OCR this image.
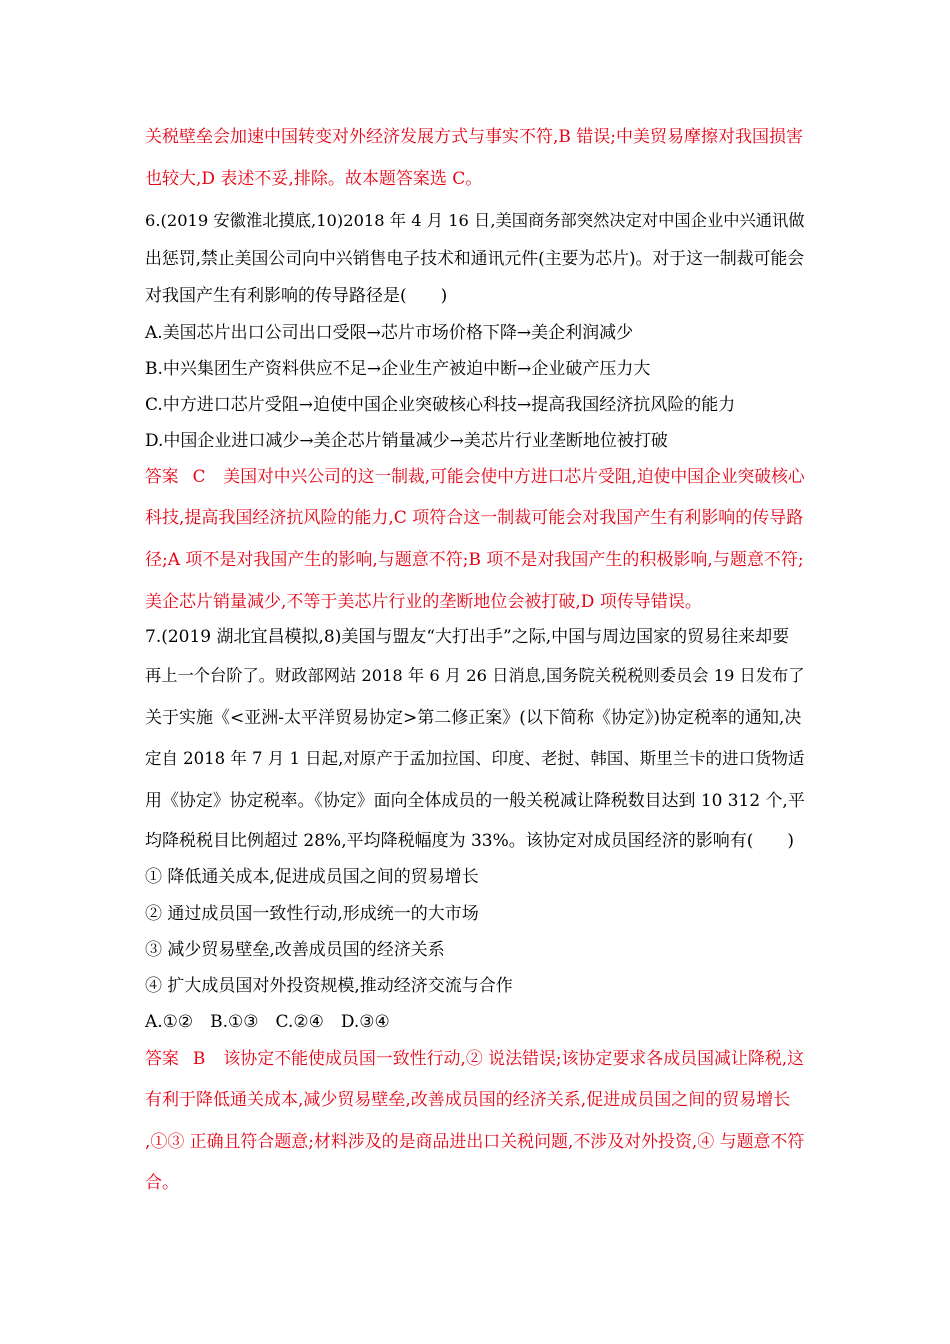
关税壁垒会加速中国转变对外经济发展方式与事实不符,B 错误;中美贸易摩擦对我国损害
也较大,D 表述不妥,排除。故本题答案选 C。
6.(2019 安徽淮北摸底,10)2018 年 4 月 16 日,美国商务部突然决定对中国企业中兴通讯做
出惩罚,禁止美国公司向中兴销售电子技术和通讯元件(主要为芯片)。对于这一制裁可能会
对我国产生有利影响的传导路径是(　　)
A.美国芯片出口公司出口受限→芯片市场价格下降→美企利润减少
B.中兴集团生产资料供应不足→企业生产被迫中断→企业破产压力大
C.中方进口芯片受阻→迫使中国企业突破核心科技→提高我国经济抗风险的能力
D.中国企业进口减少→美企芯片销量减少→美芯片行业垄断地位被打破
答案 C 美国对中兴公司的这一制裁,可能会使中方进口芯片受阻,迫使中国企业突破核心
科技,提高我国经济抗风险的能力,C 项符合这一制裁可能会对我国产生有利影响的传导路
径;A 项不是对我国产生的影响,与题意不符;B 项不是对我国产生的积极影响,与题意不符;
美企芯片销量减少,不等于美芯片行业的垄断地位会被打破,D 项传导错误。
7.(2019 湖北宜昌模拟,8)美国与盟友“大打出手”之际,中国与周边国家的贸易往来却要
再上一个台阶了。财政部网站 2018 年 6 月 26 日消息,国务院关税税则委员会 19 日发布了
关于实施《<亚洲-太平洋贸易协定>第二修正案》(以下简称《协定》)协定税率的通知,决
定自 2018 年 7 月 1 日起,对原产于孟加拉国、印度、老挝、韩国、斯里兰卡的进口货物适
用《协定》协定税率。《协定》面向全体成员的一般关税减让降税数目达到 10 312 个,平
均降税税目比例超过 28%,平均降税幅度为 33%。该协定对成员国经济的影响有(　　)
① 降低通关成本,促进成员国之间的贸易增长
② 通过成员国一致性行动,形成统一的大市场
③ 减少贸易壁垒,改善成员国的经济关系
④ 扩大成员国对外投资规模,推动经济交流与合作
A.①②　B.①③　C.②④　D.③④
答案 B 该协定不能使成员国一致性行动,② 说法错误;该协定要求各成员国减让降税,这
有利于降低通关成本,减少贸易壁垒,改善成员国的经济关系,促进成员国之间的贸易增长
,①③ 正确且符合题意;材料涉及的是商品进出口关税问题,不涉及对外投资,④ 与题意不符
合。
